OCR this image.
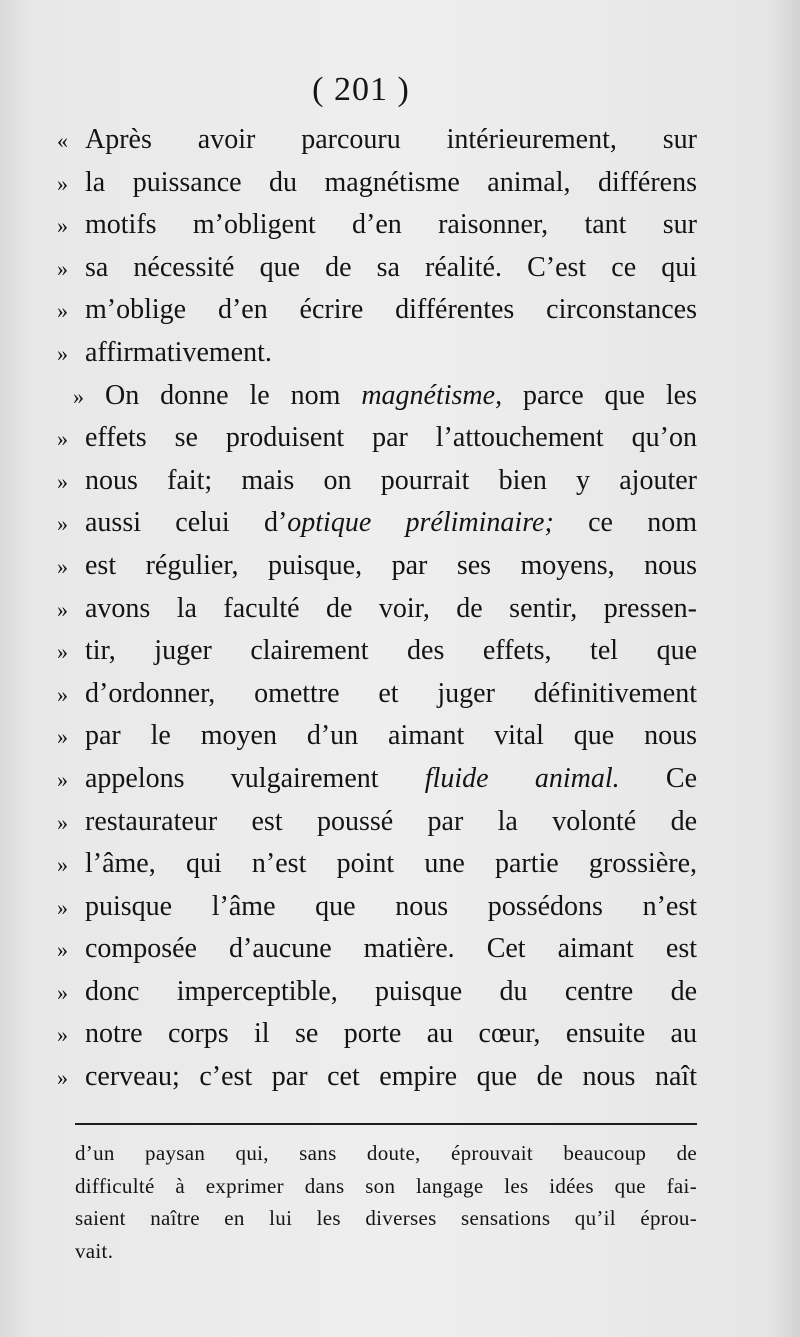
( 201 )
« Après avoir parcouru intérieurement, sur
» la puissance du magnétisme animal, différens
» motifs m’obligent d’en raisonner, tant sur
» sa nécessité que de sa réalité. C’est ce qui
» m’oblige d’en écrire différentes circonstances
» affirmativement.
» On donne le nom magnétisme, parce que les
» effets se produisent par l’attouchement qu’on
» nous fait; mais on pourrait bien y ajouter
» aussi celui d’optique préliminaire; ce nom
» est régulier, puisque, par ses moyens, nous
» avons la faculté de voir, de sentir, pressen-
» tir, juger clairement des effets, tel que
» d’ordonner, omettre et juger définitivement
» par le moyen d’un aimant vital que nous
» appelons vulgairement fluide animal. Ce
» restaurateur est poussé par la volonté de
» l’âme, qui n’est point une partie grossière,
» puisque l’âme que nous possédons n’est
» composée d’aucune matière. Cet aimant est
» donc imperceptible, puisque du centre de
» notre corps il se porte au cœur, ensuite au
» cerveau; c’est par cet empire que de nous naît
d’un paysan qui, sans doute, éprouvait beaucoup de
difficulté à exprimer dans son langage les idées que fai-
saient naître en lui les diverses sensations qu’il éprou-
vait.
